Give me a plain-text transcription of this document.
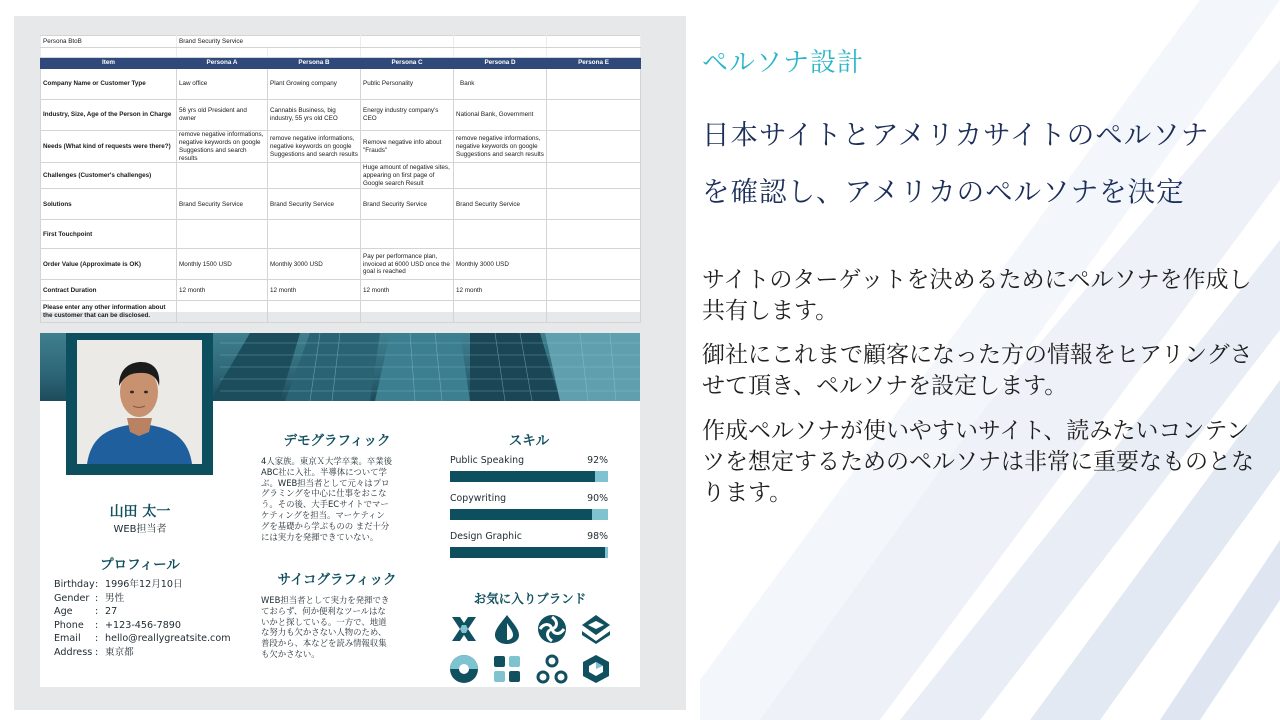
Persona BtoB	Brand Security Service				

Item	Persona A	Persona B	Persona C	Persona D	Persona E
Company Name or Customer Type	Law office	Plant Growing company	Public Personality	Bank	
Industry, Size, Age of the Person in Charge	56 yrs old President and owner	Cannabis Business, big industry, 55 yrs old CEO	Energy industry company's CEO	National Bank, Government	
Needs (What kind of requests were there?)	remove negative informations, negative keywords on google Suggestions and search results	remove negative informations, negative keywords on google Suggestions and search results	Remove negative info about "Frauds"	remove negative informations, negative keywords on google Suggestions and search results	
Challenges (Customer's challenges)			Huge amount of negative sites, appearing on first page of Google search Result		
Solutions	Brand Security Service	Brand Security Service	Brand Security Service	Brand Security Service	
First Touchpoint					
Order Value (Approximate is OK)	Monthly 1500 USD	Monthly 3000 USD	Pay per performance plan, invoiced at 6000 USD once the goal is reached	Monthly 3000 USD	
Contract Duration	12 month	12 month	12 month	12 month	
Please enter any other information about the customer that can be disclosed.					
山田 太一
WEB担当者
プロフィール
Birthday : 1996年12月10日
Gender : 男性
Age	: 27
Phone	: +123-456-7890
Email	: hello@reallygreatsite.com
Address : 東京都
デモグラフィック
4人家族。東京Ｘ大学卒業。卒業後
ABC社に入社。半導体について学
ぶ。WEB担当者として元々はプロ
グラミングを中心に仕事をおこな
う。その後、大手ECサイトでマー
ケティングを担当。マーケティン
グを基礎から学ぶものの まだ十分
には実力を発揮できていない。
サイコグラフィック
WEB担当者として実力を発揮でき
ておらず、何か便利なツールはな
いかと探している。一方で、地道
な努力も欠かさない人物のため、
普段から、本などを読み情報収集
も欠かさない。
スキル
Public Speaking	92%
Copywriting	90%
Design Graphic	98%
お気に入りブランド
ペルソナ設計
日本サイトとアメリカサイトのペルソナ
を確認し、アメリカのペルソナを決定
サイトのターゲットを決めるためにペルソナを作成し共有します。
御社にこれまで顧客になった方の情報をヒアリングさせて頂き、ペルソナを設定します。
作成ペルソナが使いやすいサイト、読みたいコンテンツを想定するためのペルソナは非常に重要なものとなります。
